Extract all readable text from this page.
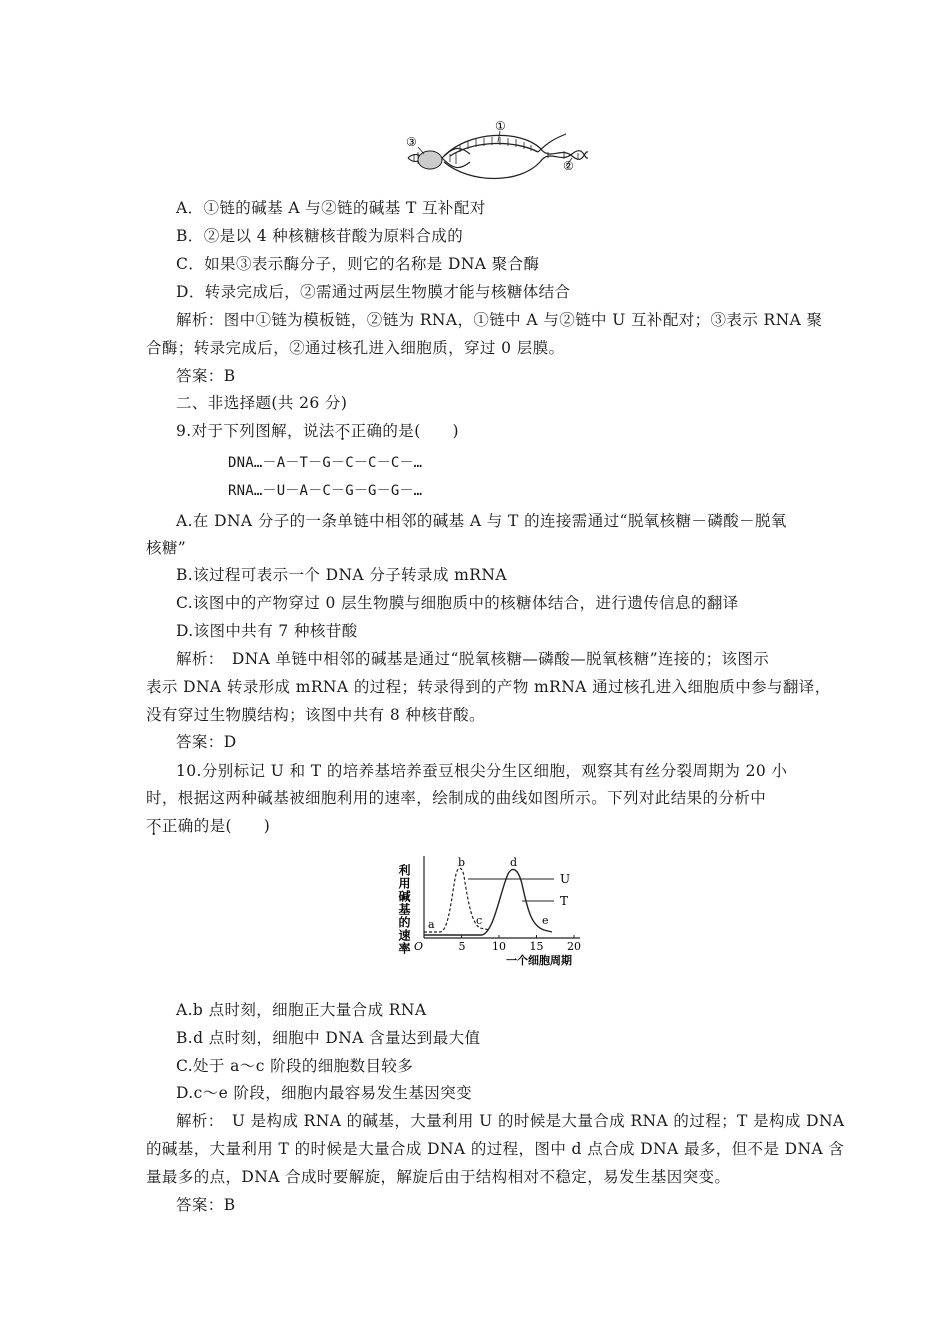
①
②
③
A．①链的碱基 A 与②链的碱基 T 互补配对
B．②是以 4 种核糖核苷酸为原料合成的
C．如果③表示酶分子，则它的名称是 DNA 聚合酶
D．转录完成后，②需通过两层生物膜才能与核糖体结合
解析：图中①链为模板链，②链为 RNA，①链中 A 与②链中 U 互补配对；③表示 RNA 聚
合酶；转录完成后，②通过核孔进入细胞质，穿过 0 层膜。
答案：B
二、非选择题(共 26 分)
9.对于下列图解，说法不正确的是(　　)
DNA…－A－T－G－C－C－C－…
RNA…－U－A－C－G－G－G－…
A.在 DNA 分子的一条单链中相邻的碱基 A 与 T 的连接需通过“脱氧核糖－磷酸－脱氧
核糖”
B.该过程可表示一个 DNA 分子转录成 mRNA
C.该图中的产物穿过 0 层生物膜与细胞质中的核糖体结合，进行遗传信息的翻译
D.该图中共有 7 种核苷酸
解析：　DNA 单链中相邻的碱基是通过“脱氧核糖—磷酸—脱氧核糖”连接的；该图示
表示 DNA 转录形成 mRNA 的过程；转录得到的产物 mRNA 通过核孔进入细胞质中参与翻译，
没有穿过生物膜结构；该图中共有 8 种核苷酸。
答案：D
10.分别标记 U 和 T 的培养基培养蚕豆根尖分生区细胞，观察其有丝分裂周期为 20 小
时，根据这两种碱基被细胞利用的速率，绘制成的曲线如图所示。下列对此结果的分析中
不正确的是(　　)
利用碱基的速率 O	5 10 15 20
U
T
a
b
c
d
e
一个细胞周期
A.b 点时刻，细胞正大量合成 RNA
B.d 点时刻，细胞中 DNA 含量达到最大值
C.处于 a～c 阶段的细胞数目较多
D.c～e 阶段，细胞内最容易发生基因突变
解析：　U 是构成 RNA 的碱基，大量利用 U 的时候是大量合成 RNA 的过程；T 是构成 DNA
的碱基，大量利用 T 的时候是大量合成 DNA 的过程，图中 d 点合成 DNA 最多，但不是 DNA 含
量最多的点，DNA 合成时要解旋，解旋后由于结构相对不稳定，易发生基因突变。
答案：B
